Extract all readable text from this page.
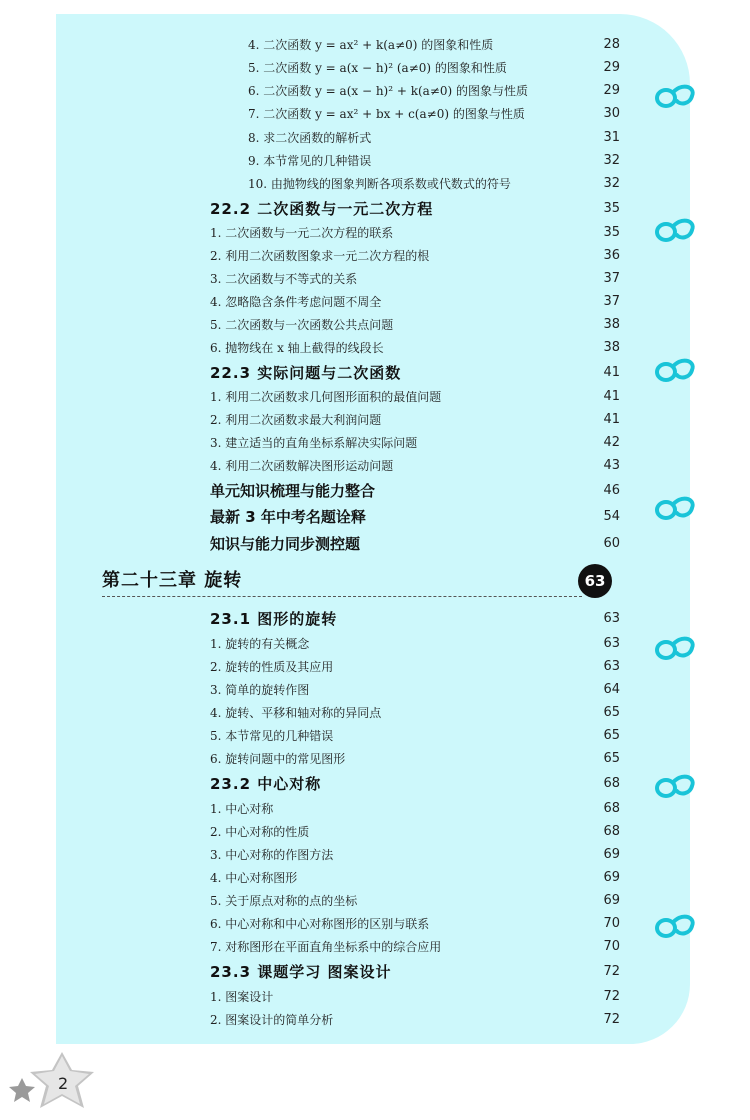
4. 二次函数 y = ax² + k(a≠0) 的图象和性质	28
5. 二次函数 y = a(x − h)² (a≠0) 的图象和性质	29
6. 二次函数 y = a(x − h)² + k(a≠0) 的图象与性质	29
7. 二次函数 y = ax² + bx + c(a≠0) 的图象与性质	30
8. 求二次函数的解析式	31
9. 本节常见的几种错误	32
10. 由抛物线的图象判断各项系数或代数式的符号	32
22.2 二次函数与一元二次方程	35
1. 二次函数与一元二次方程的联系	35
2. 利用二次函数图象求一元二次方程的根	36
3. 二次函数与不等式的关系	37
4. 忽略隐含条件考虑问题不周全	37
5. 二次函数与一次函数公共点问题	38
6. 抛物线在 x 轴上截得的线段长	38
22.3 实际问题与二次函数	41
1. 利用二次函数求几何图形面积的最值问题	41
2. 利用二次函数求最大利润问题	41
3. 建立适当的直角坐标系解决实际问题	42
4. 利用二次函数解决图形运动问题	43
单元知识梳理与能力整合	46
最新 3 年中考名题诠释	54
知识与能力同步测控题	60
第二十三章 旋转	63
23.1 图形的旋转	63
1. 旋转的有关概念	63
2. 旋转的性质及其应用	63
3. 简单的旋转作图	64
4. 旋转、平移和轴对称的异同点	65
5. 本节常见的几种错误	65
6. 旋转问题中的常见图形	65
23.2 中心对称	68
1. 中心对称	68
2. 中心对称的性质	68
3. 中心对称的作图方法	69
4. 中心对称图形	69
5. 关于原点对称的点的坐标	69
6. 中心对称和中心对称图形的区别与联系	70
7. 对称图形在平面直角坐标系中的综合应用	70
23.3 课题学习 图案设计	72
1. 图案设计	72
2. 图案设计的简单分析	72
2
